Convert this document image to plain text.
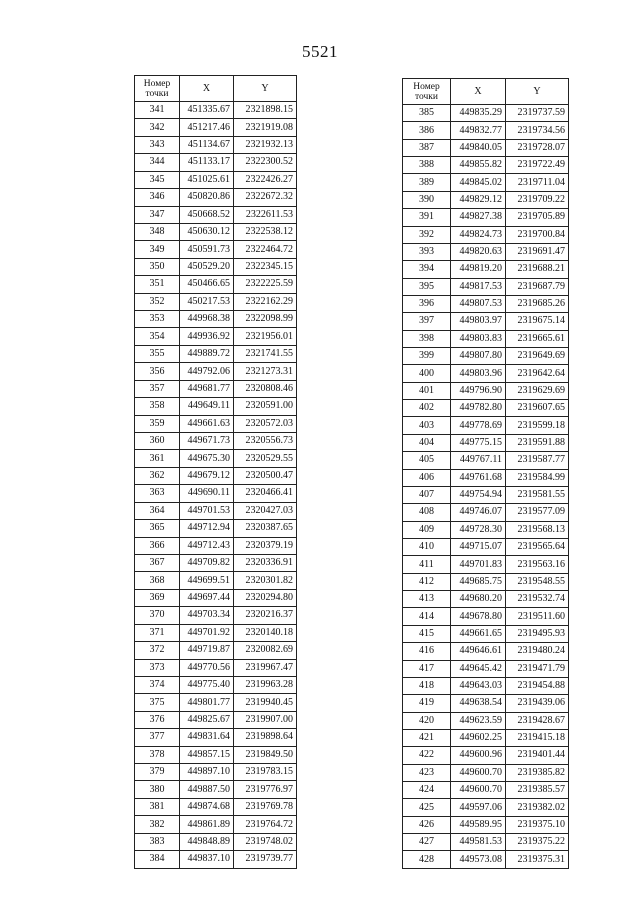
5521
Номер точки	X	Y
341	451335.67	2321898.15
342	451217.46	2321919.08
343	451134.67	2321932.13
344	451133.17	2322300.52
345	451025.61	2322426.27
346	450820.86	2322672.32
347	450668.52	2322611.53
348	450630.12	2322538.12
349	450591.73	2322464.72
350	450529.20	2322345.15
351	450466.65	2322225.59
352	450217.53	2322162.29
353	449968.38	2322098.99
354	449936.92	2321956.01
355	449889.72	2321741.55
356	449792.06	2321273.31
357	449681.77	2320808.46
358	449649.11	2320591.00
359	449661.63	2320572.03
360	449671.73	2320556.73
361	449675.30	2320529.55
362	449679.12	2320500.47
363	449690.11	2320466.41
364	449701.53	2320427.03
365	449712.94	2320387.65
366	449712.43	2320379.19
367	449709.82	2320336.91
368	449699.51	2320301.82
369	449697.44	2320294.80
370	449703.34	2320216.37
371	449701.92	2320140.18
372	449719.87	2320082.69
373	449770.56	2319967.47
374	449775.40	2319963.28
375	449801.77	2319940.45
376	449825.67	2319907.00
377	449831.64	2319898.64
378	449857.15	2319849.50
379	449897.10	2319783.15
380	449887.50	2319776.97
381	449874.68	2319769.78
382	449861.89	2319764.72
383	449848.89	2319748.02
384	449837.10	2319739.77
Номер точки	X	Y
385	449835.29	2319737.59
386	449832.77	2319734.56
387	449840.05	2319728.07
388	449855.82	2319722.49
389	449845.02	2319711.04
390	449829.12	2319709.22
391	449827.38	2319705.89
392	449824.73	2319700.84
393	449820.63	2319691.47
394	449819.20	2319688.21
395	449817.53	2319687.79
396	449807.53	2319685.26
397	449803.97	2319675.14
398	449803.83	2319665.61
399	449807.80	2319649.69
400	449803.96	2319642.64
401	449796.90	2319629.69
402	449782.80	2319607.65
403	449778.69	2319599.18
404	449775.15	2319591.88
405	449767.11	2319587.77
406	449761.68	2319584.99
407	449754.94	2319581.55
408	449746.07	2319577.09
409	449728.30	2319568.13
410	449715.07	2319565.64
411	449701.83	2319563.16
412	449685.75	2319548.55
413	449680.20	2319532.74
414	449678.80	2319511.60
415	449661.65	2319495.93
416	449646.61	2319480.24
417	449645.42	2319471.79
418	449643.03	2319454.88
419	449638.54	2319439.06
420	449623.59	2319428.67
421	449602.25	2319415.18
422	449600.96	2319401.44
423	449600.70	2319385.82
424	449600.70	2319385.57
425	449597.06	2319382.02
426	449589.95	2319375.10
427	449581.53	2319375.22
428	449573.08	2319375.31
